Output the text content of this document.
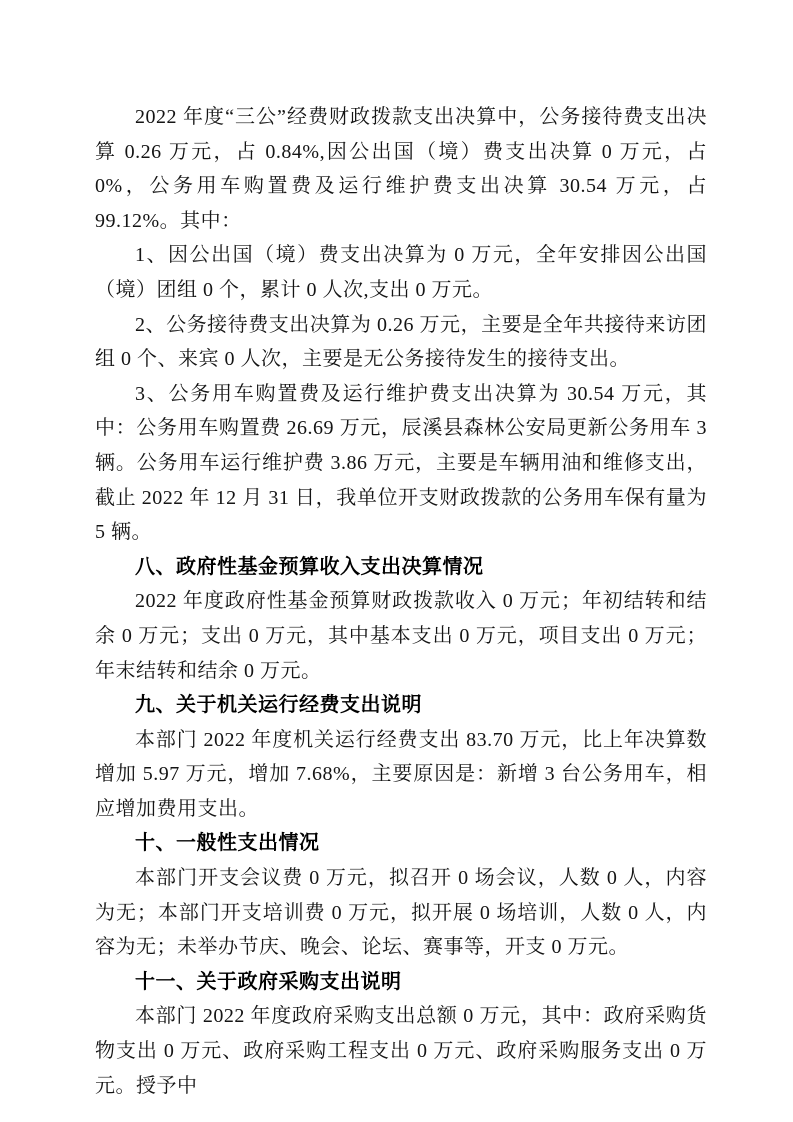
2022 年度“三公”经费财政拨款支出决算中，公务接待费支出决算 0.26 万元，占 0.84%,因公出国（境）费支出决算 0 万元，占 0%，公务用车购置费及运行维护费支出决算 30.54 万元，占 99.12%。其中：

1、因公出国（境）费支出决算为 0 万元，全年安排因公出国（境）团组 0 个，累计 0 人次,支出 0 万元。

2、公务接待费支出决算为 0.26 万元，主要是全年共接待来访团组 0 个、来宾 0 人次，主要是无公务接待发生的接待支出。

3、公务用车购置费及运行维护费支出决算为 30.54 万元，其中：公务用车购置费 26.69 万元，辰溪县森林公安局更新公务用车 3 辆。公务用车运行维护费 3.86 万元，主要是车辆用油和维修支出，截止 2022 年 12 月 31 日，我单位开支财政拨款的公务用车保有量为 5 辆。

八、政府性基金预算收入支出决算情况

2022 年度政府性基金预算财政拨款收入 0 万元；年初结转和结余 0 万元；支出 0 万元，其中基本支出 0 万元，项目支出 0 万元；年末结转和结余 0 万元。

九、关于机关运行经费支出说明

本部门 2022 年度机关运行经费支出 83.70 万元，比上年决算数增加 5.97 万元，增加 7.68%，主要原因是：新增 3 台公务用车，相应增加费用支出。

十、一般性支出情况

本部门开支会议费 0 万元，拟召开 0 场会议，人数 0 人，内容为无；本部门开支培训费 0 万元，拟开展 0 场培训，人数 0 人，内容为无；未举办节庆、晚会、论坛、赛事等，开支 0 万元。

十一、关于政府采购支出说明

本部门 2022 年度政府采购支出总额 0 万元，其中：政府采购货物支出 0 万元、政府采购工程支出 0 万元、政府采购服务支出 0 万元。授予中
